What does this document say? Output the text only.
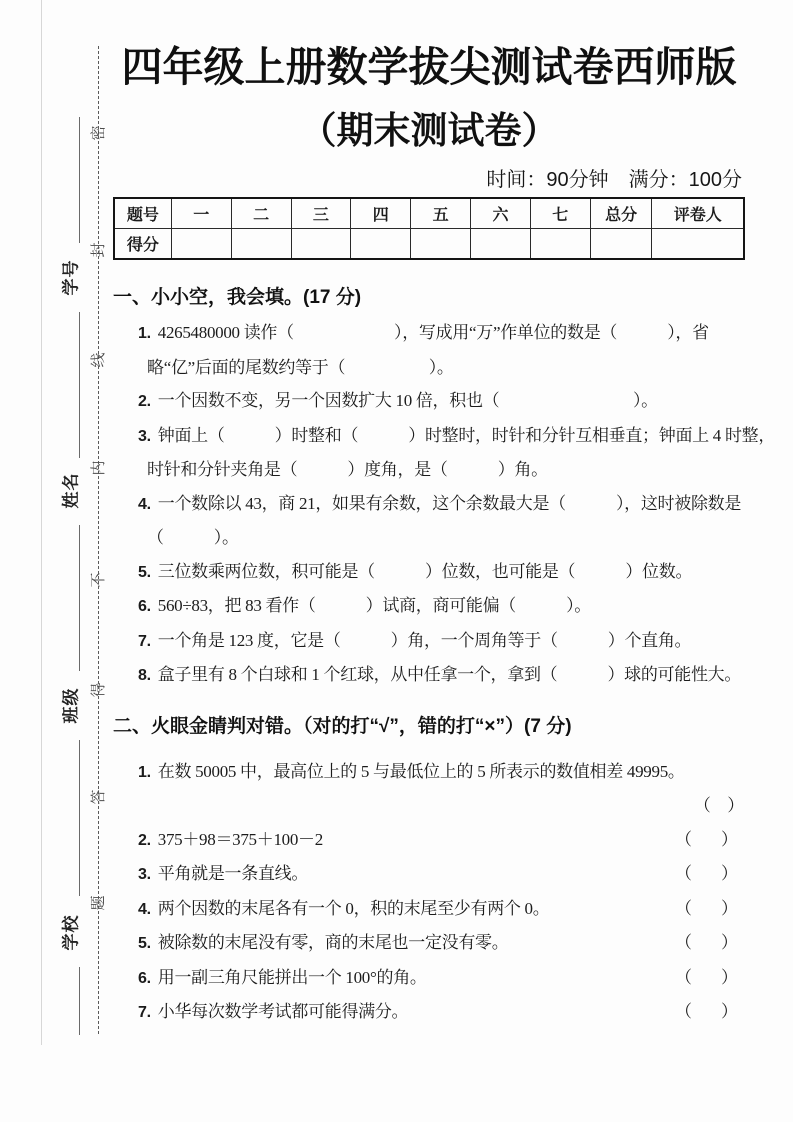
密
封
线
内
不
得
答
题
学号
姓名
班级
学校
四年级上册数学拔尖测试卷西师版
（期末测试卷）
时间：90分钟　满分：100分
题号	一	二	三	四	五	六	七	总分	评卷人
得分									
一、小小空，我会填。(17 分)
1. 4265480000 读作（　　　　　　），写成用“万”作单位的数是（　　　），省
略“亿”后面的尾数约等于（　　　　　）。
2. 一个因数不变，另一个因数扩大 10 倍，积也（　　　　　　　　）。
3. 钟面上（　　　）时整和（　　　）时整时，时针和分针互相垂直；钟面上 4 时整，
时针和分针夹角是（　　　）度角，是（　　　）角。
4. 一个数除以 43，商 21，如果有余数，这个余数最大是（　　　），这时被除数是
（　　　）。
5. 三位数乘两位数，积可能是（　　　）位数，也可能是（　　　）位数。
6. 560÷83，把 83 看作（　　　）试商，商可能偏（　　　）。
7. 一个角是 123 度，它是（　　　）角，一个周角等于（　　　）个直角。
8. 盒子里有 8 个白球和 1 个红球，从中任拿一个，拿到（　　　）球的可能性大。
二、火眼金睛判对错。（对的打“√”，错的打“×”）(7 分)
1. 在数 50005 中，最高位上的 5 与最低位上的 5 所表示的数值相差 49995。
（　）
2. 375＋98＝375＋100－2	（　）
3. 平角就是一条直线。	（　）
4. 两个因数的末尾各有一个 0，积的末尾至少有两个 0。	（　）
5. 被除数的末尾没有零，商的末尾也一定没有零。	（　）
6. 用一副三角尺能拼出一个 100°的角。	（　）
7. 小华每次数学考试都可能得满分。	（　）
